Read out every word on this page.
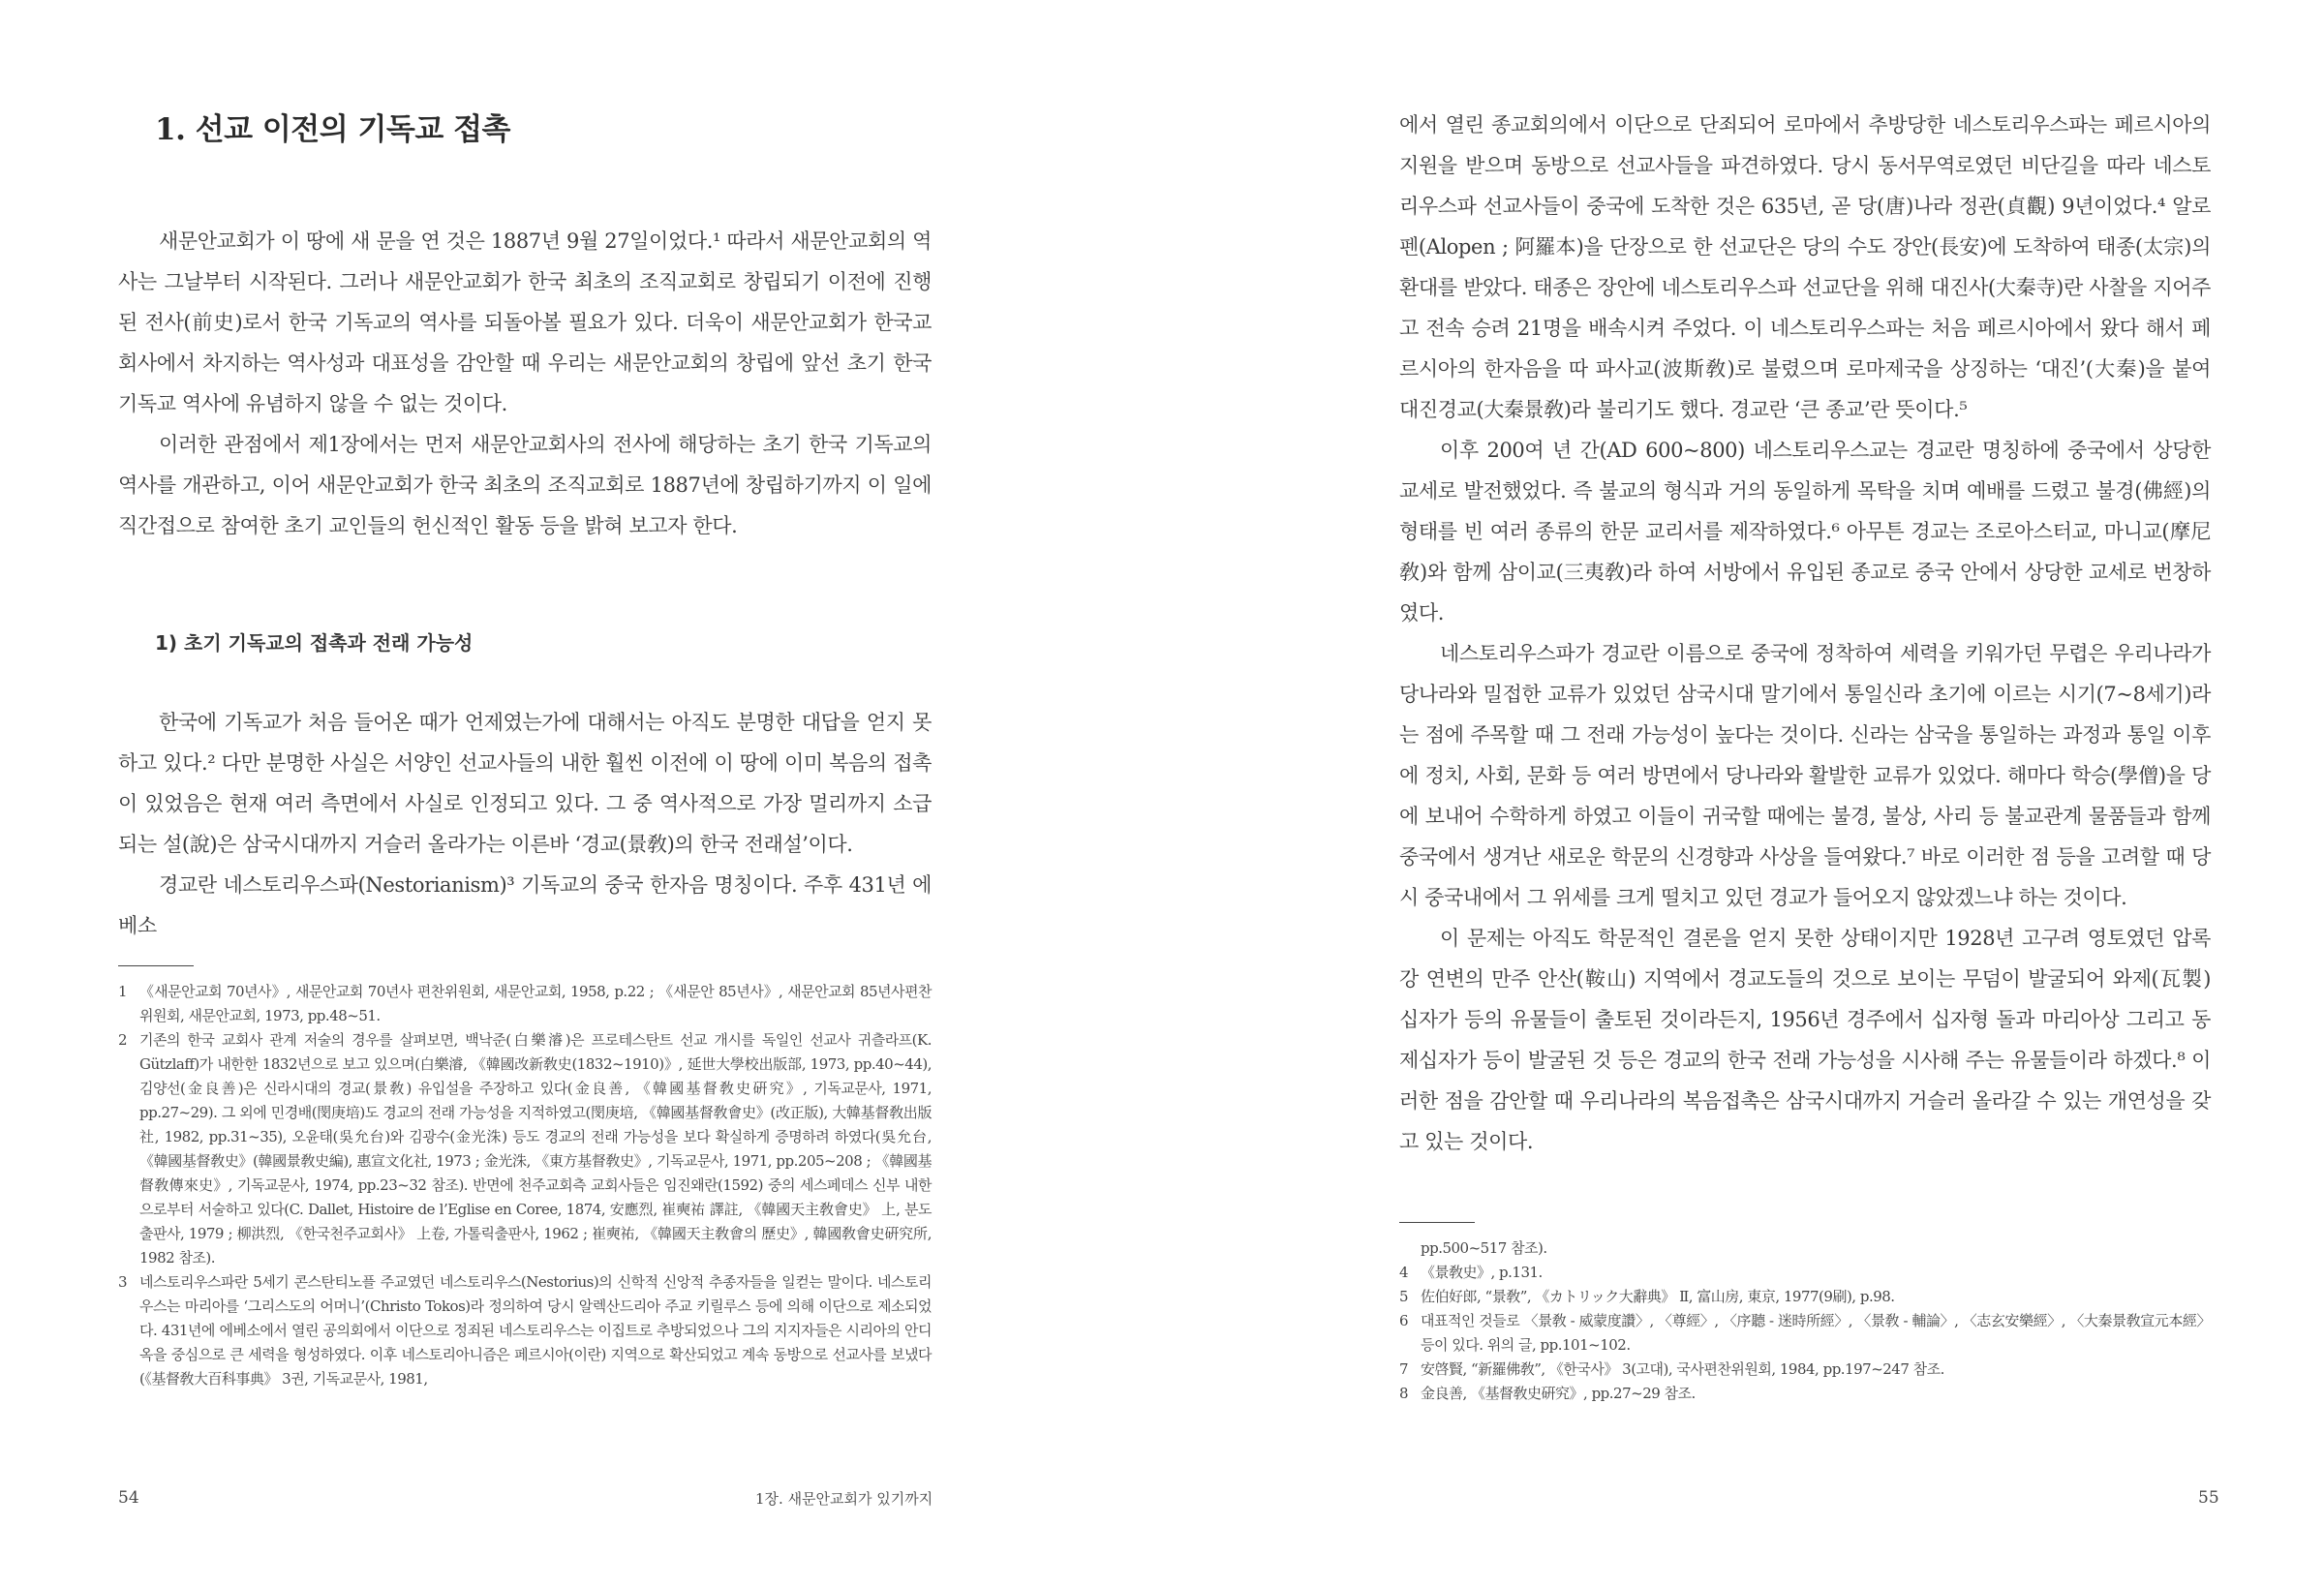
1. 선교 이전의 기독교 접촉

새문안교회가 이 땅에 새 문을 연 것은 1887년 9월 27일이었다.¹ 따라서 새문안교회의 역사는 그날부터 시작된다. 그러나 새문안교회가 한국 최초의 조직교회로 창립되기 이전에 진행된 전사(前史)로서 한국 기독교의 역사를 되돌아볼 필요가 있다. 더욱이 새문안교회가 한국교회사에서 차지하는 역사성과 대표성을 감안할 때 우리는 새문안교회의 창립에 앞선 초기 한국 기독교 역사에 유념하지 않을 수 없는 것이다.

이러한 관점에서 제1장에서는 먼저 새문안교회사의 전사에 해당하는 초기 한국 기독교의 역사를 개관하고, 이어 새문안교회가 한국 최초의 조직교회로 1887년에 창립하기까지 이 일에 직간접으로 참여한 초기 교인들의 헌신적인 활동 등을 밝혀 보고자 한다.

1) 초기 기독교의 접촉과 전래 가능성

한국에 기독교가 처음 들어온 때가 언제였는가에 대해서는 아직도 분명한 대답을 얻지 못하고 있다.² 다만 분명한 사실은 서양인 선교사들의 내한 훨씬 이전에 이 땅에 이미 복음의 접촉이 있었음은 현재 여러 측면에서 사실로 인정되고 있다. 그 중 역사적으로 가장 멀리까지 소급되는 설(說)은 삼국시대까지 거슬러 올라가는 이른바 ‘경교(景敎)의 한국 전래설’이다.

경교란 네스토리우스파(Nestorianism)³ 기독교의 중국 한자음 명칭이다. 주후 431년 에베소

1 《새문안교회 70년사》, 새문안교회 70년사 편찬위원회, 새문안교회, 1958, p.22 ; 《새문안 85년사》, 새문안교회 85년사편찬위원회, 새문안교회, 1973, pp.48~51.
2 기존의 한국 교회사 관계 저술의 경우를 살펴보면, 백낙준(白樂濬)은 프로테스탄트 선교 개시를 독일인 선교사 귀츨라프(K. Gützlaff)가 내한한 1832년으로 보고 있으며(白樂濬, 《韓國改新敎史(1832~1910)》, 延世大學校出版部, 1973, pp.40~44), 김양선(金良善)은 신라시대의 경교(景敎) 유입설을 주장하고 있다(金良善, 《韓國基督敎史硏究》, 기독교문사, 1971, pp.27~29). 그 외에 민경배(閔庚培)도 경교의 전래 가능성을 지적하였고(閔庚培, 《韓國基督敎會史》(改正版), 大韓基督敎出版社, 1982, pp.31~35), 오윤태(吳允台)와 김광수(金光洙) 등도 경교의 전래 가능성을 보다 확실하게 증명하려 하였다(吳允台, 《韓國基督敎史》(韓國景敎史編), 惠宣文化社, 1973 ; 金光洙, 《東方基督敎史》, 기독교문사, 1971, pp.205~208 ; 《韓國基督敎傳來史》, 기독교문사, 1974, pp.23~32 참조). 반면에 천주교회측 교회사들은 임진왜란(1592) 중의 세스페데스 신부 내한으로부터 서술하고 있다(C. Dallet, Histoire de l’Eglise en Coree, 1874, 安應烈, 崔奭祐 譯註, 《韓國天主敎會史》 上, 분도출판사, 1979 ; 柳洪烈, 《한국천주교회사》 上卷, 가톨릭출판사, 1962 ; 崔奭祐, 《韓國天主敎會의 歷史》, 韓國敎會史硏究所, 1982 참조).
3 네스토리우스파란 5세기 콘스탄티노플 주교였던 네스토리우스(Nestorius)의 신학적 신앙적 추종자들을 일컫는 말이다. 네스토리우스는 마리아를 ‘그리스도의 어머니’(Christo Tokos)라 정의하여 당시 알렉산드리아 주교 키릴루스 등에 의해 이단으로 제소되었다. 431년에 에베소에서 열린 공의회에서 이단으로 정죄된 네스토리우스는 이집트로 추방되었으나 그의 지지자들은 시리아의 안디옥을 중심으로 큰 세력을 형성하였다. 이후 네스토리아니즘은 페르시아(이란) 지역으로 확산되었고 계속 동방으로 선교사를 보냈다(《基督敎大百科事典》 3권, 기독교문사, 1981,
54	1장. 새문안교회가 있기까지

에서 열린 종교회의에서 이단으로 단죄되어 로마에서 추방당한 네스토리우스파는 페르시아의 지원을 받으며 동방으로 선교사들을 파견하였다. 당시 동서무역로였던 비단길을 따라 네스토리우스파 선교사들이 중국에 도착한 것은 635년, 곧 당(唐)나라 정관(貞觀) 9년이었다.⁴ 알로펜(Alopen ; 阿羅本)을 단장으로 한 선교단은 당의 수도 장안(長安)에 도착하여 태종(太宗)의 환대를 받았다. 태종은 장안에 네스토리우스파 선교단을 위해 대진사(大秦寺)란 사찰을 지어주고 전속 승려 21명을 배속시켜 주었다. 이 네스토리우스파는 처음 페르시아에서 왔다 해서 페르시아의 한자음을 따 파사교(波斯敎)로 불렸으며 로마제국을 상징하는 ‘대진’(大秦)을 붙여 대진경교(大秦景敎)라 불리기도 했다. 경교란 ‘큰 종교’란 뜻이다.⁵

이후 200여 년 간(AD 600~800) 네스토리우스교는 경교란 명칭하에 중국에서 상당한 교세로 발전했었다. 즉 불교의 형식과 거의 동일하게 목탁을 치며 예배를 드렸고 불경(佛經)의 형태를 빈 여러 종류의 한문 교리서를 제작하였다.⁶ 아무튼 경교는 조로아스터교, 마니교(摩尼敎)와 함께 삼이교(三夷敎)라 하여 서방에서 유입된 종교로 중국 안에서 상당한 교세로 번창하였다.

네스토리우스파가 경교란 이름으로 중국에 정착하여 세력을 키워가던 무렵은 우리나라가 당나라와 밀접한 교류가 있었던 삼국시대 말기에서 통일신라 초기에 이르는 시기(7~8세기)라는 점에 주목할 때 그 전래 가능성이 높다는 것이다. 신라는 삼국을 통일하는 과정과 통일 이후에 정치, 사회, 문화 등 여러 방면에서 당나라와 활발한 교류가 있었다. 해마다 학승(學僧)을 당에 보내어 수학하게 하였고 이들이 귀국할 때에는 불경, 불상, 사리 등 불교관계 물품들과 함께 중국에서 생겨난 새로운 학문의 신경향과 사상을 들여왔다.⁷ 바로 이러한 점 등을 고려할 때 당시 중국내에서 그 위세를 크게 떨치고 있던 경교가 들어오지 않았겠느냐 하는 것이다.

이 문제는 아직도 학문적인 결론을 얻지 못한 상태이지만 1928년 고구려 영토였던 압록강 연변의 만주 안산(鞍山) 지역에서 경교도들의 것으로 보이는 무덤이 발굴되어 와제(瓦製) 십자가 등의 유물들이 출토된 것이라든지, 1956년 경주에서 십자형 돌과 마리아상 그리고 동제십자가 등이 발굴된 것 등은 경교의 한국 전래 가능성을 시사해 주는 유물들이라 하겠다.⁸ 이러한 점을 감안할 때 우리나라의 복음접촉은 삼국시대까지 거슬러 올라갈 수 있는 개연성을 갖고 있는 것이다.

pp.500~517 참조).
4 《景敎史》, p.131.
5 佐伯好郎, “景敎”, 《カトリック大辭典》 Ⅱ, 富山房, 東京, 1977(9刷), p.98.
6 대표적인 것들로 〈景敎 - 威蒙度讚〉, 〈尊經〉, 〈序聽 - 迷時所經〉, 〈景敎 - 輔論〉, 〈志玄安樂經〉, 〈大秦景敎宣元本經〉 등이 있다. 위의 글, pp.101~102.
7 安啓賢, “新羅佛敎”, 《한국사》 3(고대), 국사편찬위원회, 1984, pp.197~247 참조.
8 金良善, 《基督敎史硏究》, pp.27~29 참조.
55
